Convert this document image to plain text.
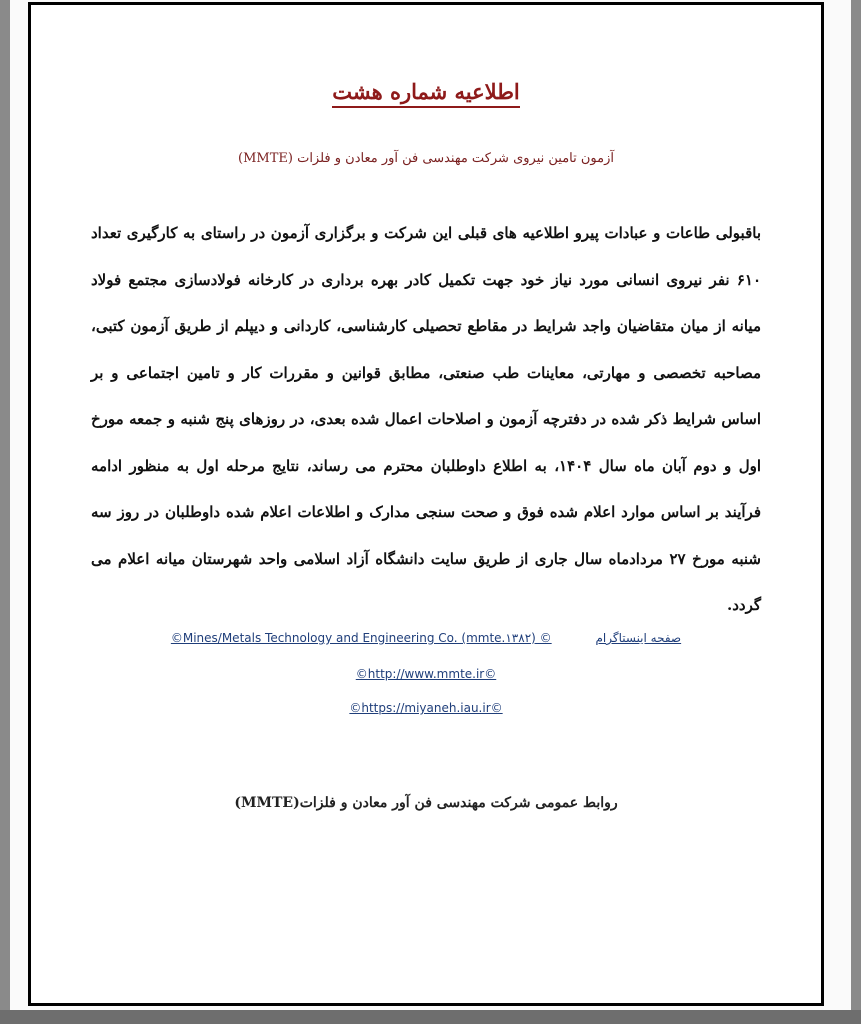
اطلاعیه شماره هشت
آزمون تامین نیروی شرکت مهندسی فن آور معادن و فلزات (MMTE)
باقبولی طاعات و عبادات پیرو اطلاعیه های قبلی این شرکت و برگزاری آزمون در راستای به کارگیری تعداد ۶۱۰ نفر نیروی انسانی مورد نیاز خود جهت تکمیل کادر بهره برداری در کارخانه فولادسازی مجتمع فولاد میانه از میان متقاضیان واجد شرایط در مقاطع تحصیلی کارشناسی، کاردانی و دیپلم از طریق آزمون کتبی، مصاحبه تخصصی و مهارتی، معاینات طب صنعتی، مطابق قوانین و مقررات کار و تامین اجتماعی و بر اساس شرایط ذکر شده در دفترچه آزمون و اصلاحات اعمال شده بعدی، در روزهای پنج شنبه و جمعه مورخ اول و دوم آبان ماه سال ۱۴۰۴، به اطلاع داوطلبان محترم می رساند، نتایج مرحله اول به منظور ادامه فرآیند بر اساس موارد اعلام شده فوق و صحت سنجی مدارک و اطلاعات اعلام شده داوطلبان در روز سه شنبه مورخ ۲۷ مردادماه سال جاری از طریق سایت دانشگاه آزاد اسلامی واحد شهرستان میانه اعلام می گردد.
©Mines/Metals Technology and Engineering Co. (mmte.۱۳۸۲) ©	صفحه اینستاگرام
©http://www.mmte.ir©
©https://miyaneh.iau.ir©
روابط عمومی شرکت مهندسی فن آور معادن و فلزات(MMTE)
